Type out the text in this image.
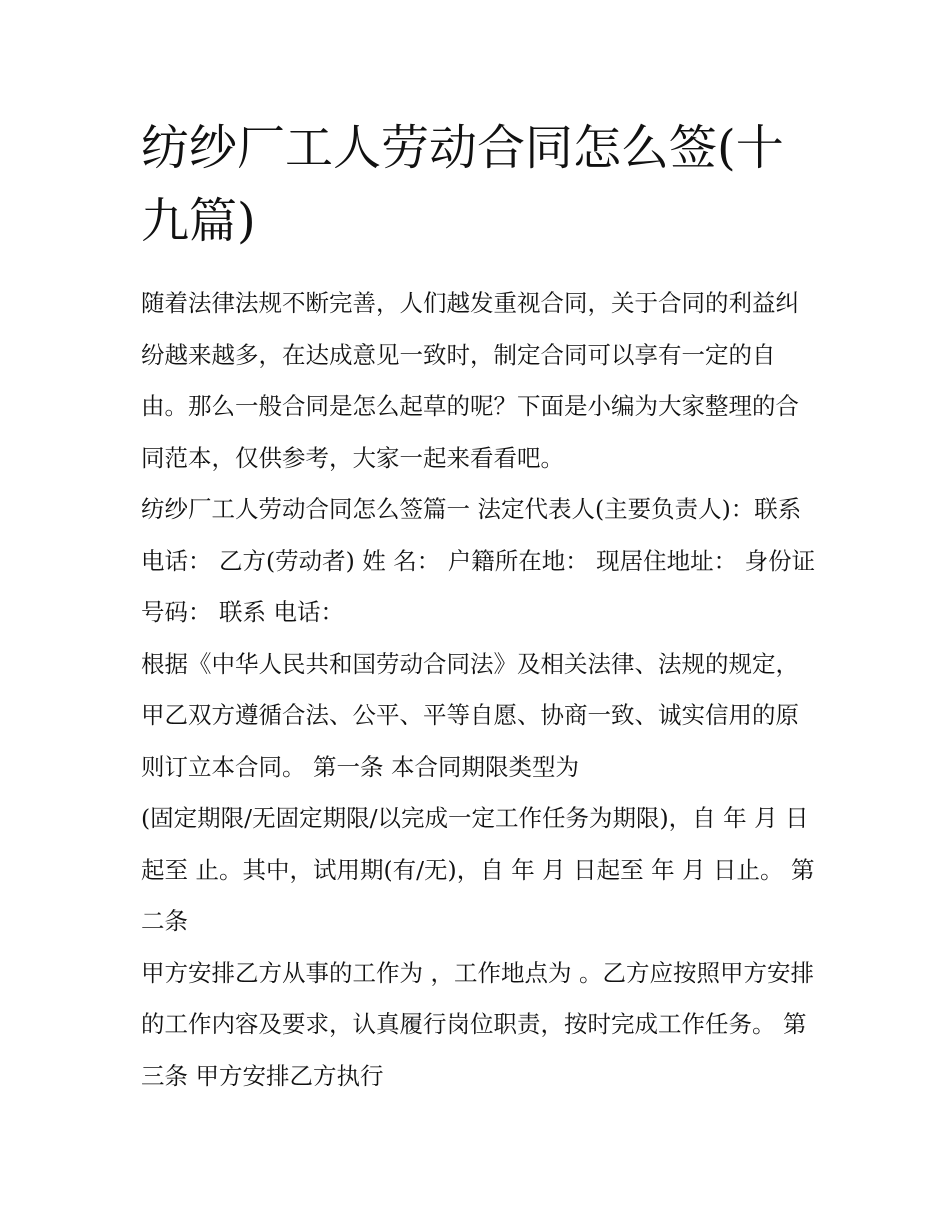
纺纱厂工人劳动合同怎么签(十
九篇)

随着法律法规不断完善，人们越发重视合同，关于合同的利益纠纷越来越多，在达成意见一致时，制定合同可以享有一定的自由。那么一般合同是怎么起草的呢？下面是小编为大家整理的合同范本，仅供参考，大家一起来看看吧。

纺纱厂工人劳动合同怎么签篇一 法定代表人(主要负责人)：联系 电话： 乙方(劳动者) 姓 名： 户籍所在地： 现居住地址： 身份证号码： 联系 电话：

根据《中华人民共和国劳动合同法》及相关法律、法规的规定，甲乙双方遵循合法、公平、平等自愿、协商一致、诚实信用的原则订立本合同。 第一条 本合同期限类型为

(固定期限/无固定期限/以完成一定工作任务为期限)，自 年 月 日起至 止。其中，试用期(有/无)，自 年 月 日起至 年 月 日止。 第二条

甲方安排乙方从事的工作为 ，工作地点为 。乙方应按照甲方安排的工作内容及要求，认真履行岗位职责，按时完成工作任务。 第三条 甲方安排乙方执行
